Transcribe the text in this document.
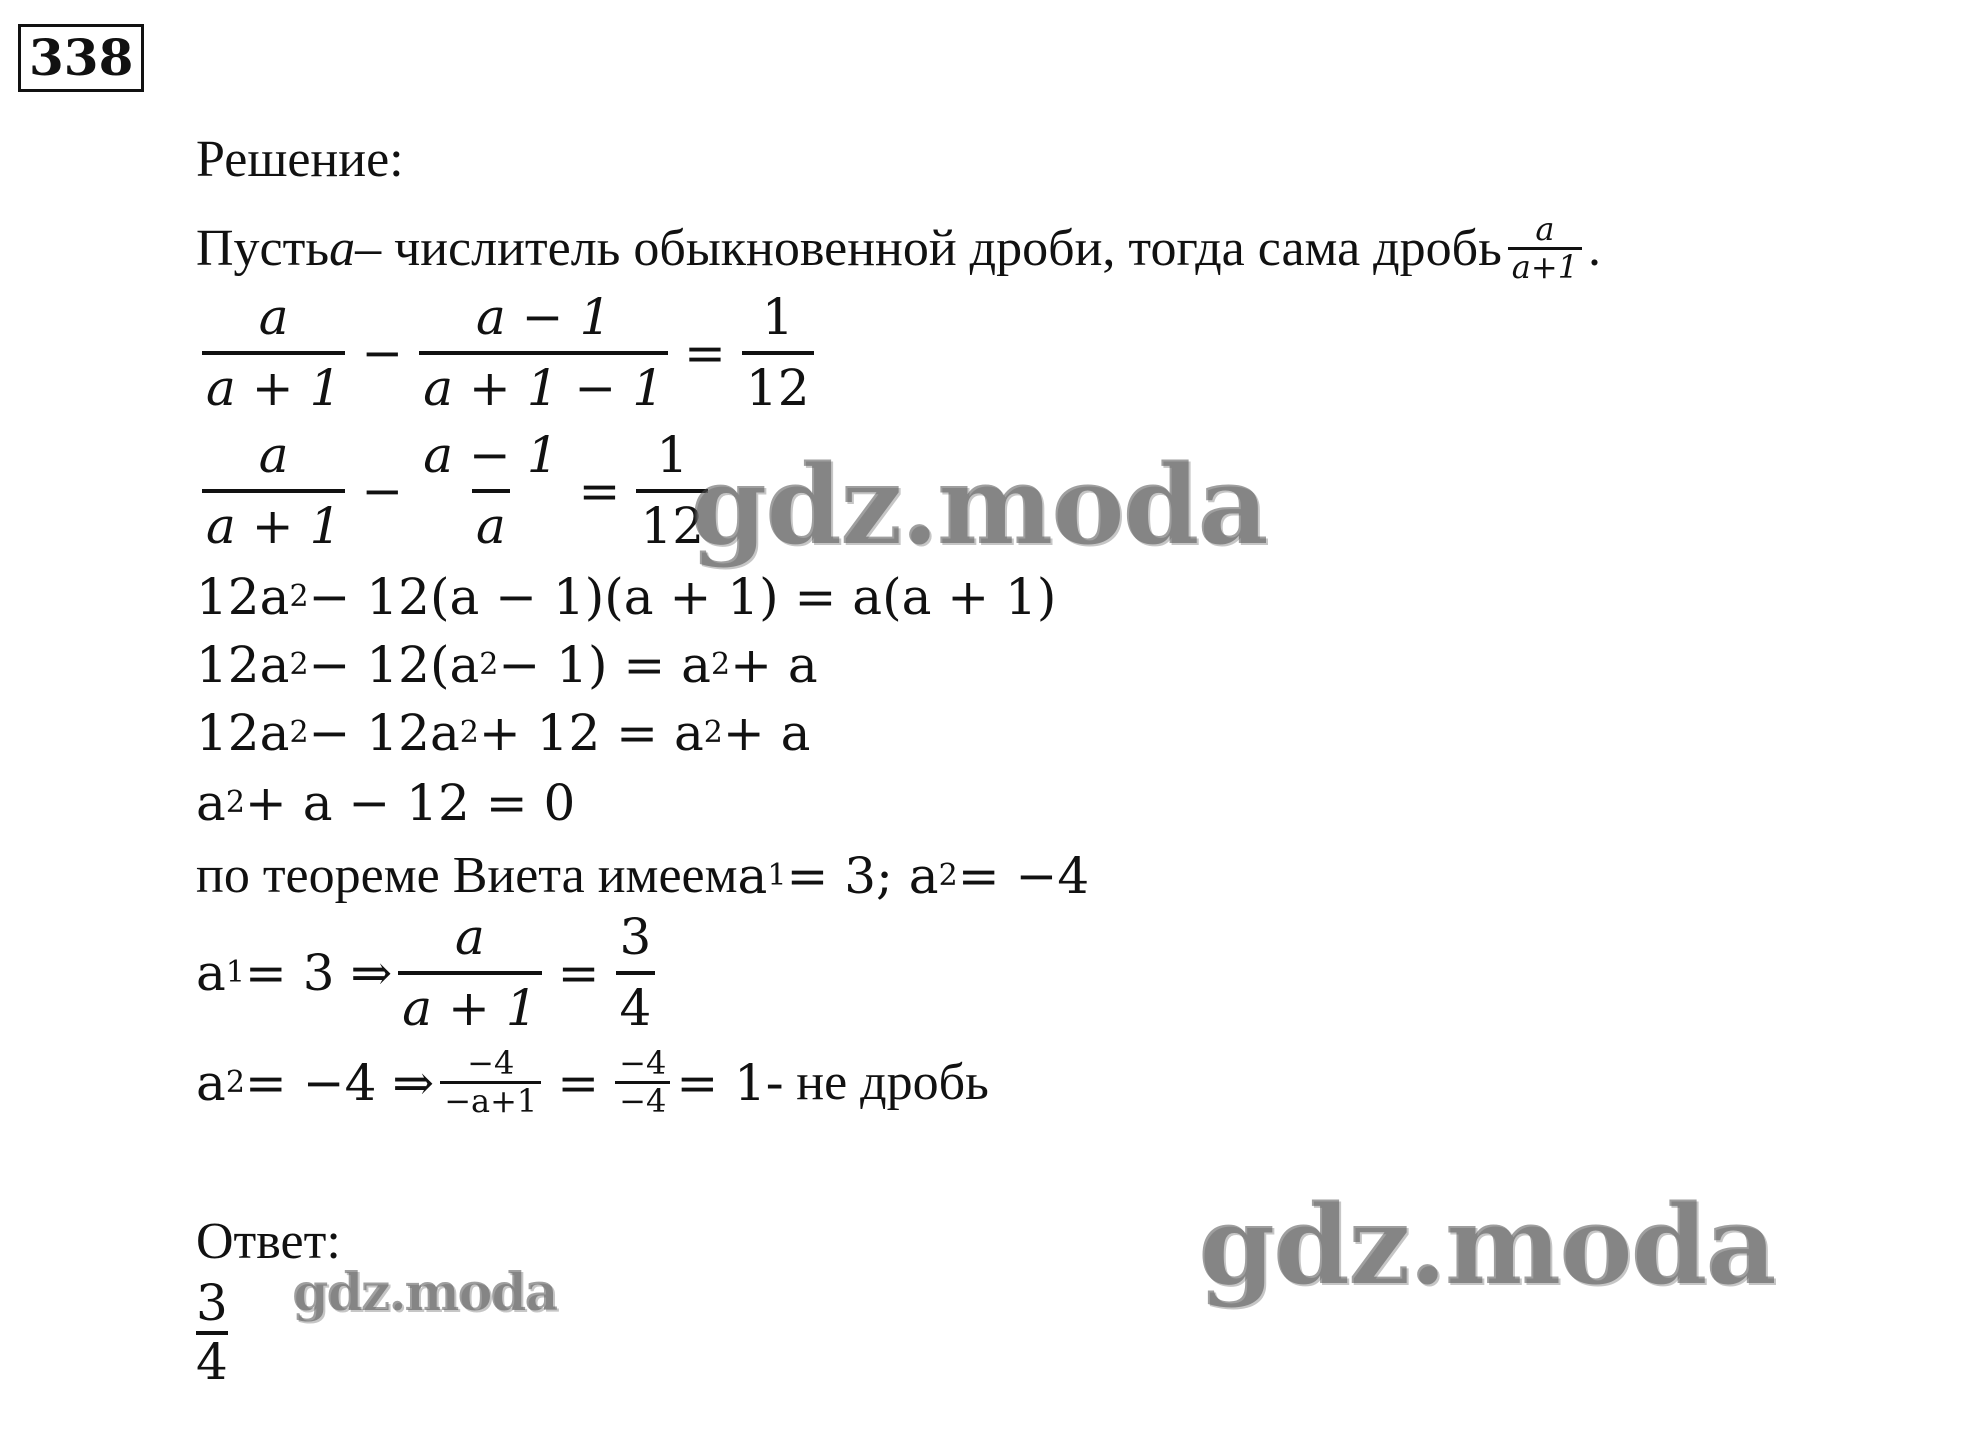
338
Решение:
Пусть a – числитель обыкновенной дроби, тогда сама дробь $\frac{a}{a+1}$ .
$\frac{a}{a + 1} - \frac{a - 1}{a + 1 - 1} = \frac{1}{12}$
$\frac{a}{a + 1} - \frac{a - 1}{a} = \frac{1}{12}$
12a 2 − 12(a − 1)(a + 1) = a(a + 1)
12a 2 − 12(a 2 − 1) = a 2 + a
12a 2 − 12a 2 + 12 = a 2 + a
a 2 + a − 12 = 0
по теореме Виета имеем a 1 = 3; a 2 = −4
a 1 = 3 ⇒ $\frac{a}{a + 1} = \frac{3}{4}$
a 2 = −4 ⇒ $\frac{-4}{-a+1} = \frac{-4}{-4} = 1$ - не дробь
Ответ:
$\frac{3}{4}$
gdz.moda
gdz.moda
gdz.moda
